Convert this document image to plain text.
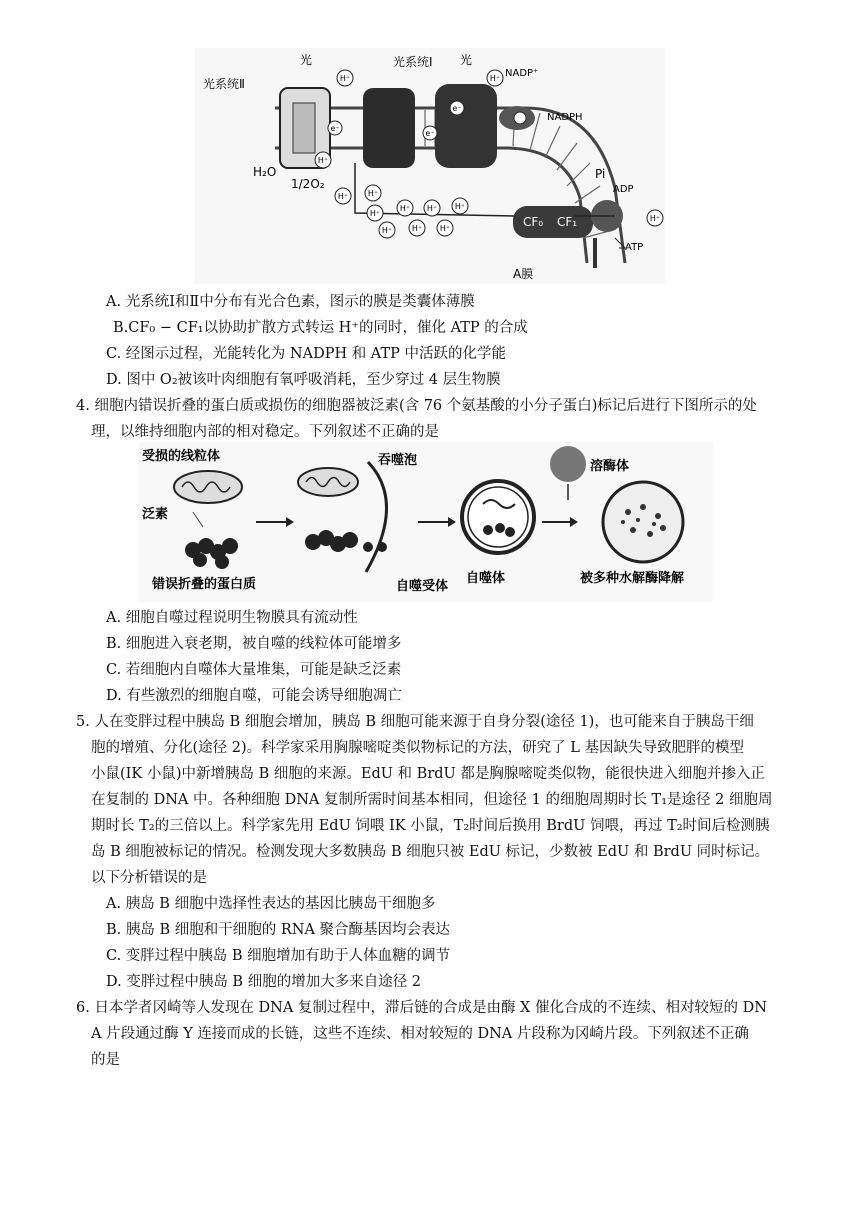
H⁺
e⁻
H⁺
e⁻
e⁻
H⁺
H⁺
H⁺
H⁺ H⁺ H⁺
H⁺ H⁺ H⁺
H⁺
H⁺
光系统Ⅱ
光系统Ⅰ
光	光
H₂O
1/2O₂
NADP⁺
NADPH
Pi
ADP
ATP
CF₀ CF₁
A膜
A. 光系统Ⅰ和Ⅱ中分布有光合色素，图示的膜是类囊体薄膜
B.CF₀ − CF₁以协助扩散方式转运 H⁺的同时，催化 ATP 的合成
C. 经图示过程，光能转化为 NADPH 和 ATP 中活跃的化学能
D. 图中 O₂被该叶肉细胞有氧呼吸消耗，至少穿过 4 层生物膜
4. 细胞内错误折叠的蛋白质或损伤的细胞器被泛素(含 76 个氨基酸的小分子蛋白)标记后进行下图所示的处
理，以维持细胞内部的相对稳定。下列叙述不正确的是
受损的线粒体
泛素
错误折叠的蛋白质
吞噬泡
自噬受体
自噬体
溶酶体
被多种水解酶降解
A. 细胞自噬过程说明生物膜具有流动性
B. 细胞进入衰老期，被自噬的线粒体可能增多
C. 若细胞内自噬体大量堆集，可能是缺乏泛素
D. 有些激烈的细胞自噬，可能会诱导细胞凋亡
5. 人在变胖过程中胰岛 B 细胞会增加，胰岛 B 细胞可能来源于自身分裂(途径 1)，也可能来自于胰岛干细
胞的增殖、分化(途径 2)。科学家采用胸腺嘧啶类似物标记的方法，研究了 L 基因缺失导致肥胖的模型
小鼠(IK 小鼠)中新增胰岛 B 细胞的来源。EdU 和 BrdU 都是胸腺嘧啶类似物，能很快进入细胞并掺入正
在复制的 DNA 中。各种细胞 DNA 复制所需时间基本相同，但途径 1 的细胞周期时长 T₁是途径 2 细胞周
期时长 T₂的三倍以上。科学家先用 EdU 饲喂 IK 小鼠，T₂时间后换用 BrdU 饲喂，再过 T₂时间后检测胰
岛 B 细胞被标记的情况。检测发现大多数胰岛 B 细胞只被 EdU 标记，少数被 EdU 和 BrdU 同时标记。
以下分析错误的是
A. 胰岛 B 细胞中选择性表达的基因比胰岛干细胞多
B. 胰岛 B 细胞和干细胞的 RNA 聚合酶基因均会表达
C. 变胖过程中胰岛 B 细胞增加有助于人体血糖的调节
D. 变胖过程中胰岛 B 细胞的增加大多来自途径 2
6. 日本学者冈崎等人发现在 DNA 复制过程中，滞后链的合成是由酶 X 催化合成的不连续、相对较短的 DN
A 片段通过酶 Y 连接而成的长链，这些不连续、相对较短的 DNA 片段称为冈崎片段。下列叙述不正确
的是
